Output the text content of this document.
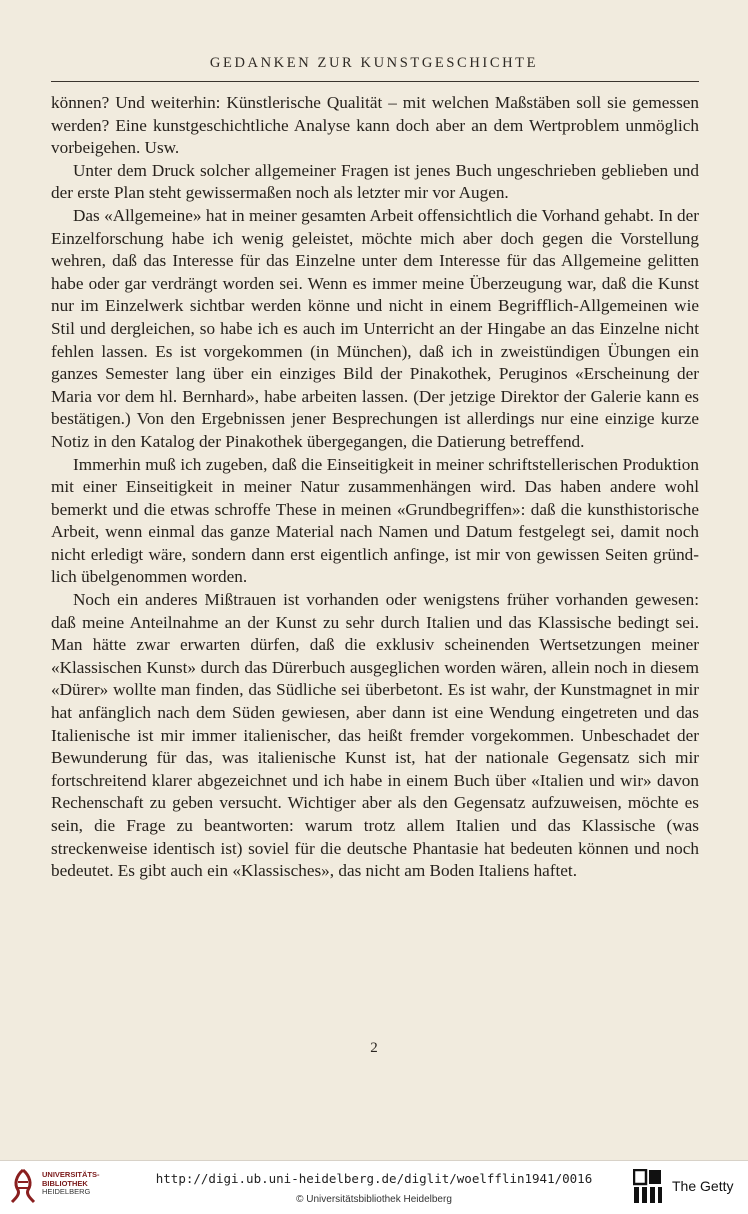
GEDANKEN ZUR KUNSTGESCHICHTE

können? Und weiterhin: Künstlerische Qualität – mit welchen Maßstäben soll sie gemessen werden? Eine kunstgeschichtliche Analyse kann doch aber an dem Wertproblem unmöglich vorbeigehen. Usw.

Unter dem Druck solcher allgemeiner Fragen ist jenes Buch ungeschrieben geblieben und der erste Plan steht gewissermaßen noch als letzter mir vor Augen.

Das «Allgemeine» hat in meiner gesamten Arbeit offensichtlich die Vorhand gehabt. In der Einzelforschung habe ich wenig geleistet, möchte mich aber doch gegen die Vorstellung wehren, daß das Interesse für das Einzelne unter dem Interesse für das Allgemeine gelitten habe oder gar verdrängt worden sei. Wenn es immer meine Überzeugung war, daß die Kunst nur im Einzelwerk sichtbar werden könne und nicht in einem Begrifflich-Allgemeinen wie Stil und dergleichen, so habe ich es auch im Unterricht an der Hingabe an das Einzelne nicht fehlen lassen. Es ist vorgekommen (in München), daß ich in zweistündigen Übungen ein ganzes Semester lang über ein einziges Bild der Pinakothek, Peruginos «Erscheinung der Maria vor dem hl. Bernhard», habe arbeiten lassen. (Der jetzige Direktor der Galerie kann es bestätigen.) Von den Ergebnissen jener Besprechungen ist allerdings nur eine einzige kurze Notiz in den Katalog der Pinakothek übergegangen, die Datierung betreffend.

Immerhin muß ich zugeben, daß die Einseitigkeit in meiner schriftstellerischen Produktion mit einer Einseitigkeit in meiner Natur zusammenhängen wird. Das haben andere wohl bemerkt und die etwas schroffe These in meinen «Grundbegriffen»: daß die kunsthistorische Arbeit, wenn einmal das ganze Material nach Namen und Datum festgelegt sei, damit noch nicht erledigt wäre, sondern dann erst eigentlich anfinge, ist mir von gewissen Seiten gründlich übelgenommen worden.

Noch ein anderes Mißtrauen ist vorhanden oder wenigstens früher vorhanden gewesen: daß meine Anteilnahme an der Kunst zu sehr durch Italien und das Klassische bedingt sei. Man hätte zwar erwarten dürfen, daß die exklusiv scheinenden Wertsetzungen meiner «Klassischen Kunst» durch das Dürerbuch ausgeglichen worden wären, allein noch in diesem «Dürer» wollte man finden, das Südliche sei überbetont. Es ist wahr, der Kunstmagnet in mir hat anfänglich nach dem Süden gewiesen, aber dann ist eine Wendung eingetreten und das Italienische ist mir immer italienischer, das heißt fremder vorgekommen. Unbeschadet der Bewunderung für das, was italienische Kunst ist, hat der nationale Gegensatz sich mir fortschreitend klarer abgezeichnet und ich habe in einem Buch über «Italien und wir» davon Rechenschaft zu geben versucht. Wichtiger aber als den Gegensatz aufzuweisen, möchte es sein, die Frage zu beantworten: warum trotz allem Italien und das Klassische (was streckenweise identisch ist) soviel für die deutsche Phantasie hat bedeuten können und noch bedeutet. Es gibt auch ein «Klassisches», das nicht am Boden Italiens haftet.

2
UNIVERSITÄTS-
BIBLIOTHEK
HEIDELBERG
http://digi.ub.uni-heidelberg.de/diglit/woelfflin1941/0016
© Universitätsbibliothek Heidelberg
The Getty
